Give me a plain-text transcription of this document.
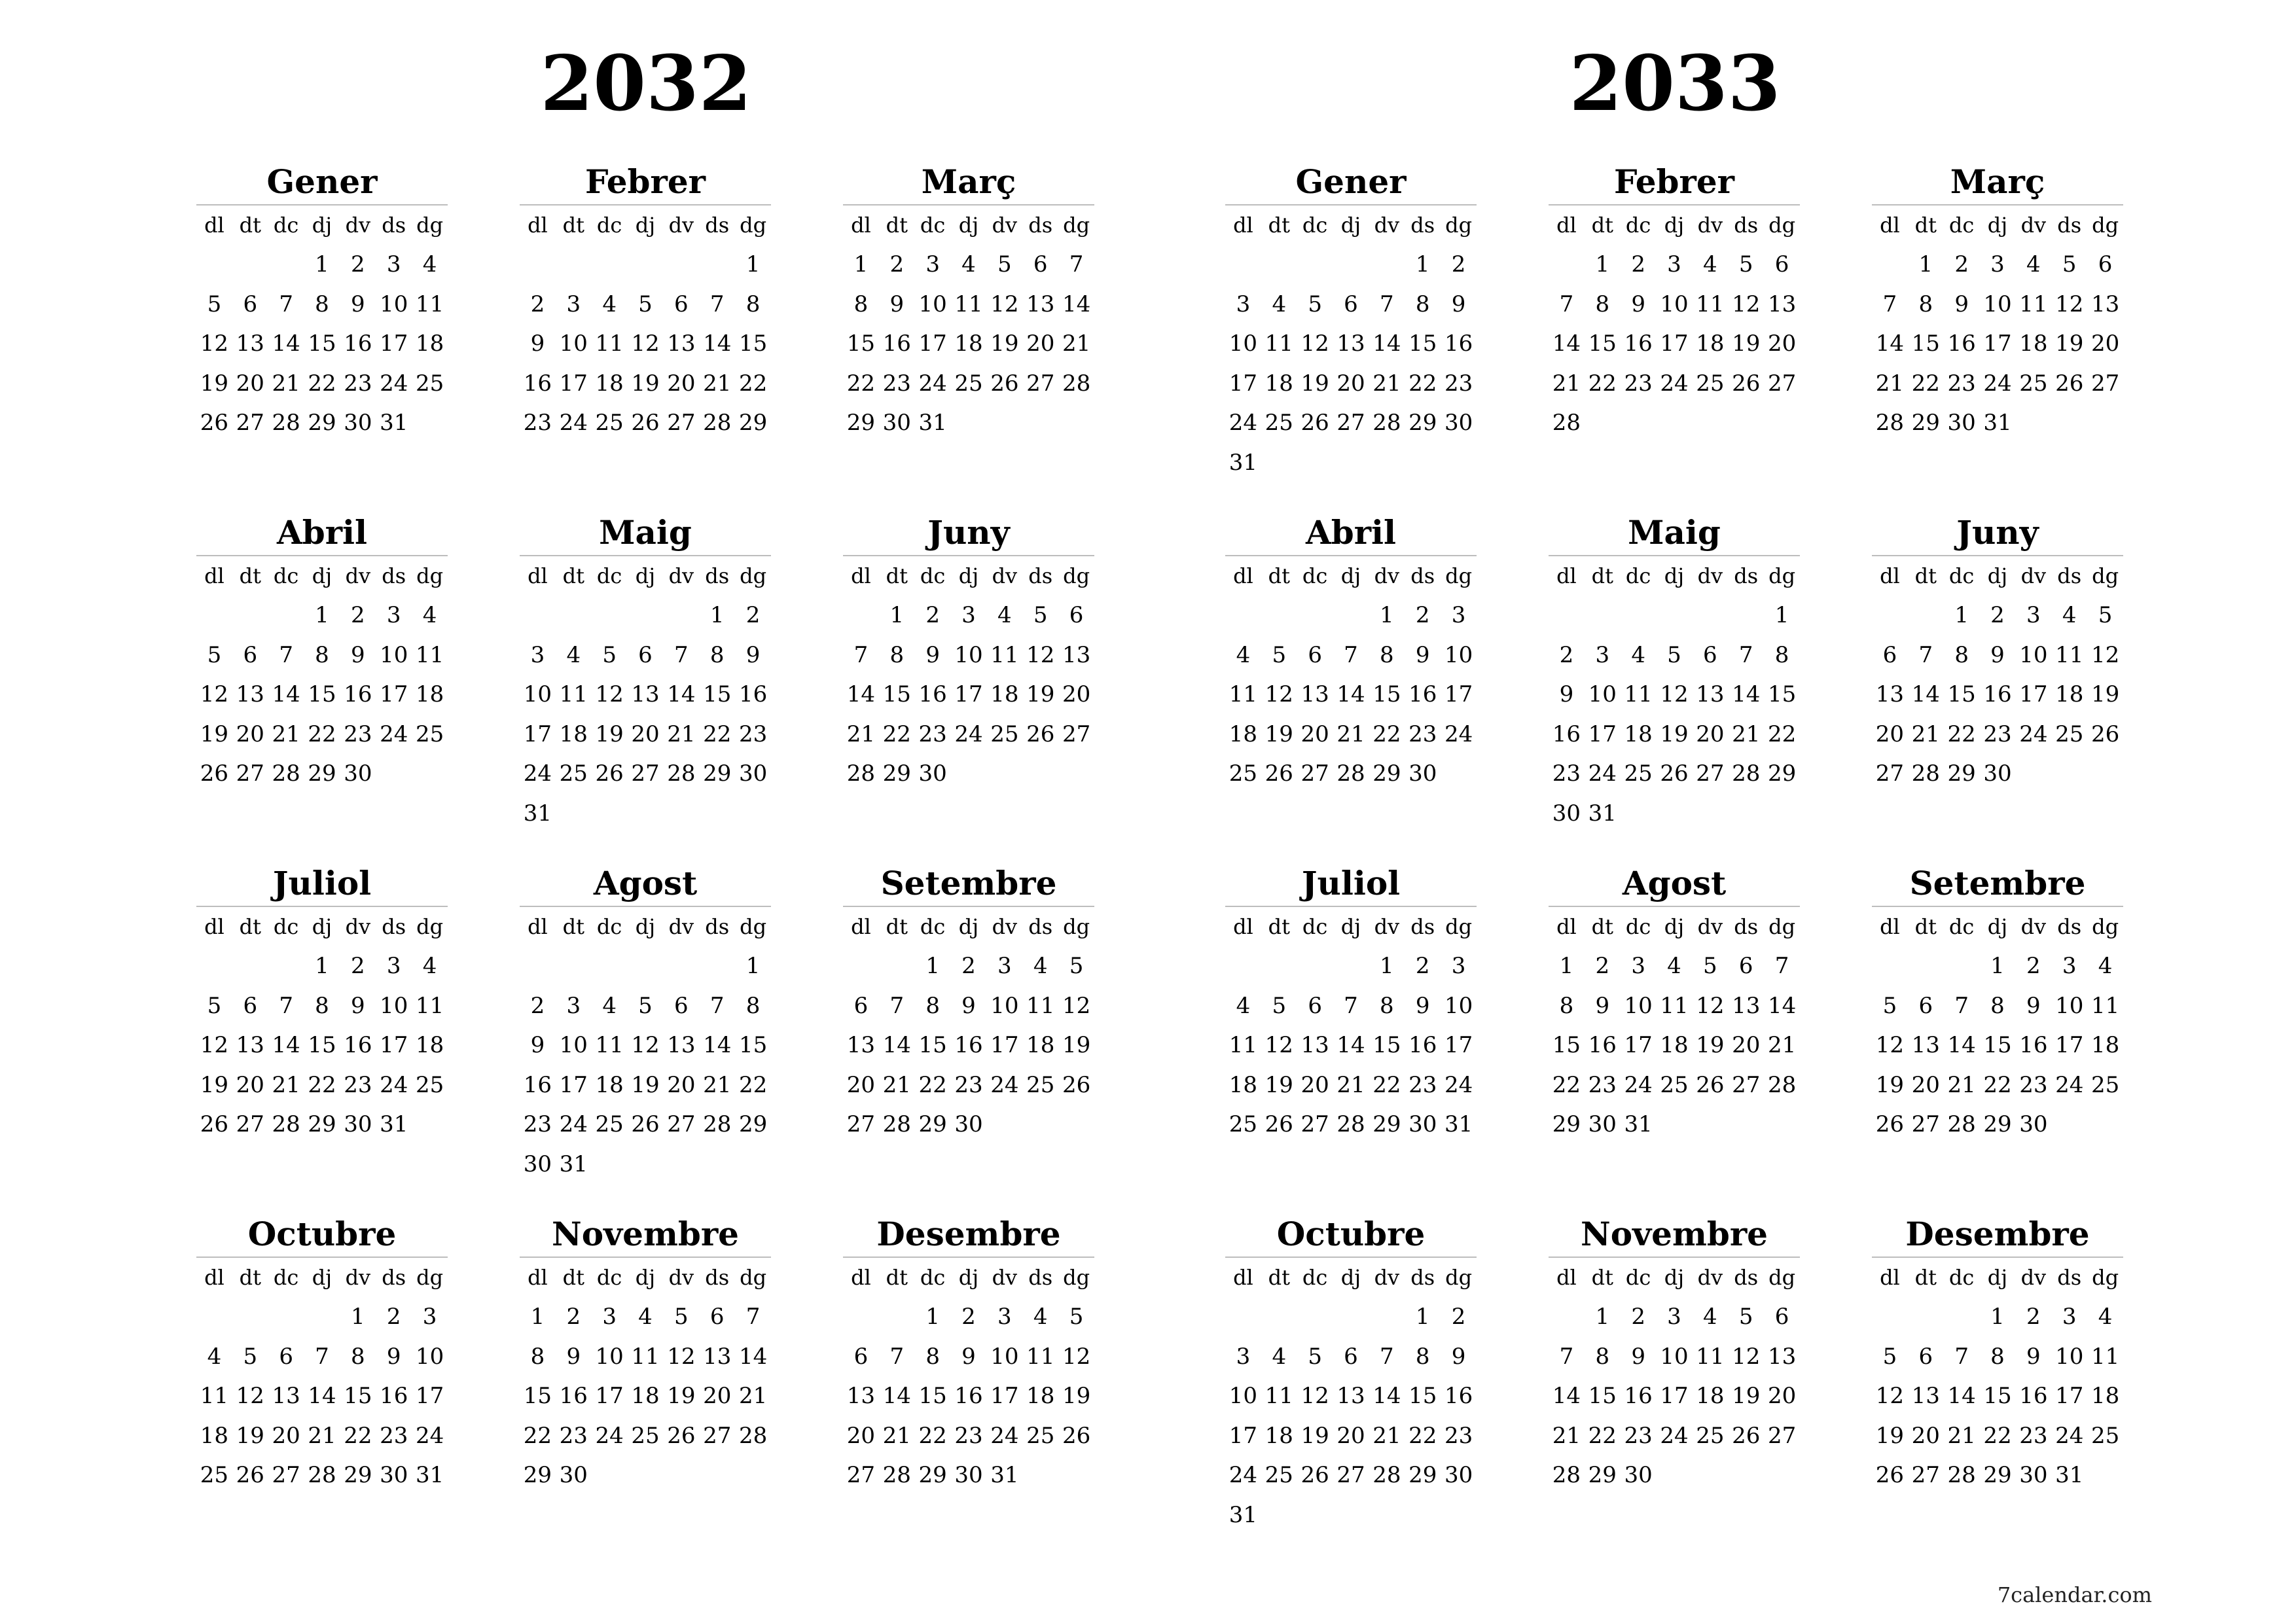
2032
Gener
dl dt dc dj dv ds dg
1 2 3 4
5 6 7 8 9 10 11
12 13 14 15 16 17 18
19 20 21 22 23 24 25
26 27 28 29 30 31
Febrer
dl dt dc dj dv ds dg
1
2 3 4 5 6 7 8
9 10 11 12 13 14 15
16 17 18 19 20 21 22
23 24 25 26 27 28 29
Març
dl dt dc dj dv ds dg
1 2 3 4 5 6 7
8 9 10 11 12 13 14
15 16 17 18 19 20 21
22 23 24 25 26 27 28
29 30 31
Abril
dl dt dc dj dv ds dg
1 2 3 4
5 6 7 8 9 10 11
12 13 14 15 16 17 18
19 20 21 22 23 24 25
26 27 28 29 30
Maig
dl dt dc dj dv ds dg
1 2
3 4 5 6 7 8 9
10 11 12 13 14 15 16
17 18 19 20 21 22 23
24 25 26 27 28 29 30
31
Juny
dl dt dc dj dv ds dg
1 2 3 4 5 6
7 8 9 10 11 12 13
14 15 16 17 18 19 20
21 22 23 24 25 26 27
28 29 30
Juliol
dl dt dc dj dv ds dg
1 2 3 4
5 6 7 8 9 10 11
12 13 14 15 16 17 18
19 20 21 22 23 24 25
26 27 28 29 30 31
Agost
dl dt dc dj dv ds dg
1
2 3 4 5 6 7 8
9 10 11 12 13 14 15
16 17 18 19 20 21 22
23 24 25 26 27 28 29
30 31
Setembre
dl dt dc dj dv ds dg
1 2 3 4 5
6 7 8 9 10 11 12
13 14 15 16 17 18 19
20 21 22 23 24 25 26
27 28 29 30
Octubre
dl dt dc dj dv ds dg
1 2 3
4 5 6 7 8 9 10
11 12 13 14 15 16 17
18 19 20 21 22 23 24
25 26 27 28 29 30 31
Novembre
dl dt dc dj dv ds dg
1 2 3 4 5 6 7
8 9 10 11 12 13 14
15 16 17 18 19 20 21
22 23 24 25 26 27 28
29 30
Desembre
dl dt dc dj dv ds dg
1 2 3 4 5
6 7 8 9 10 11 12
13 14 15 16 17 18 19
20 21 22 23 24 25 26
27 28 29 30 31
2033
Gener
dl dt dc dj dv ds dg
1 2
3 4 5 6 7 8 9
10 11 12 13 14 15 16
17 18 19 20 21 22 23
24 25 26 27 28 29 30
31
Febrer
dl dt dc dj dv ds dg
1 2 3 4 5 6
7 8 9 10 11 12 13
14 15 16 17 18 19 20
21 22 23 24 25 26 27
28
Març
dl dt dc dj dv ds dg
1 2 3 4 5 6
7 8 9 10 11 12 13
14 15 16 17 18 19 20
21 22 23 24 25 26 27
28 29 30 31
Abril
dl dt dc dj dv ds dg
1 2 3
4 5 6 7 8 9 10
11 12 13 14 15 16 17
18 19 20 21 22 23 24
25 26 27 28 29 30
Maig
dl dt dc dj dv ds dg
1
2 3 4 5 6 7 8
9 10 11 12 13 14 15
16 17 18 19 20 21 22
23 24 25 26 27 28 29
30 31
Juny
dl dt dc dj dv ds dg
1 2 3 4 5
6 7 8 9 10 11 12
13 14 15 16 17 18 19
20 21 22 23 24 25 26
27 28 29 30
Juliol
dl dt dc dj dv ds dg
1 2 3
4 5 6 7 8 9 10
11 12 13 14 15 16 17
18 19 20 21 22 23 24
25 26 27 28 29 30 31
Agost
dl dt dc dj dv ds dg
1 2 3 4 5 6 7
8 9 10 11 12 13 14
15 16 17 18 19 20 21
22 23 24 25 26 27 28
29 30 31
Setembre
dl dt dc dj dv ds dg
1 2 3 4
5 6 7 8 9 10 11
12 13 14 15 16 17 18
19 20 21 22 23 24 25
26 27 28 29 30
Octubre
dl dt dc dj dv ds dg
1 2
3 4 5 6 7 8 9
10 11 12 13 14 15 16
17 18 19 20 21 22 23
24 25 26 27 28 29 30
31
Novembre
dl dt dc dj dv ds dg
1 2 3 4 5 6
7 8 9 10 11 12 13
14 15 16 17 18 19 20
21 22 23 24 25 26 27
28 29 30
Desembre
dl dt dc dj dv ds dg
1 2 3 4
5 6 7 8 9 10 11
12 13 14 15 16 17 18
19 20 21 22 23 24 25
26 27 28 29 30 31
7calendar.com
